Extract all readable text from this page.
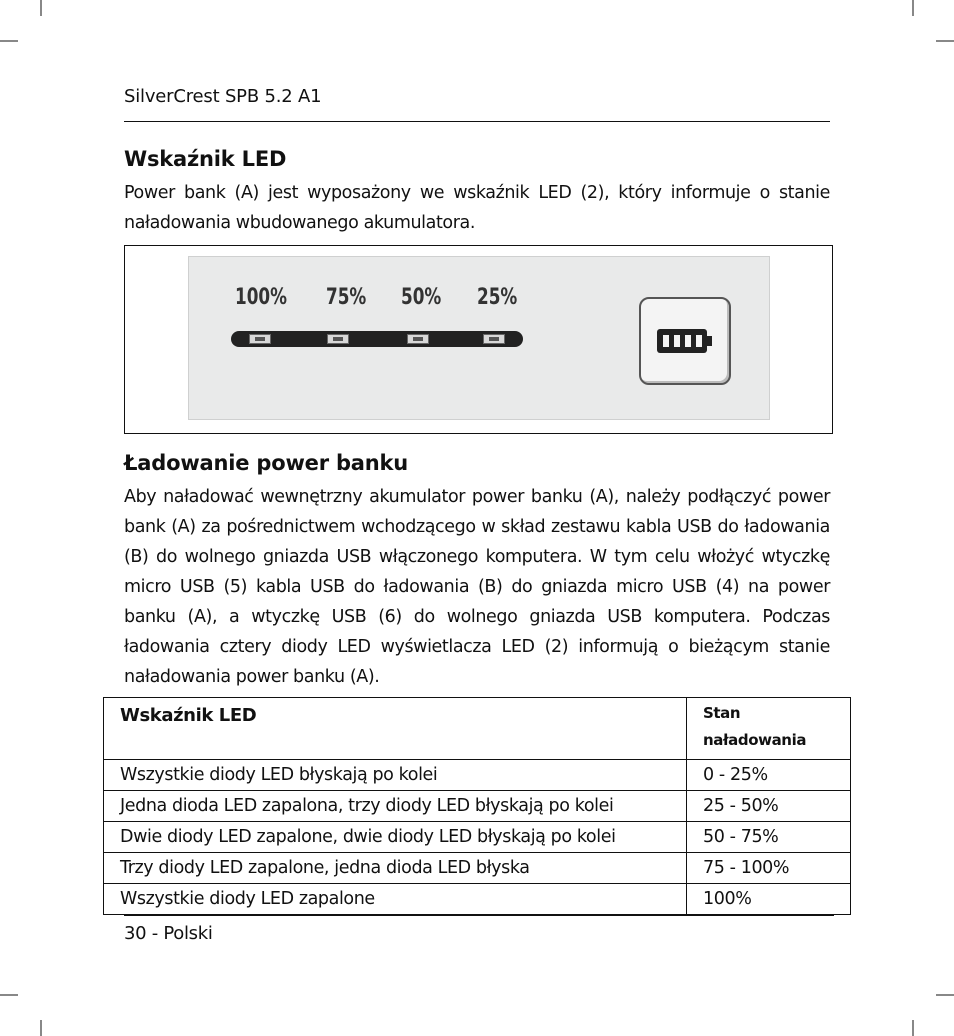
SilverCrest SPB 5.2 A1
Wskaźnik LED
Power bank (A) jest wyposażony we wskaźnik LED (2), który informuje o stanie naładowania wbudowanego akumulatora.
100% 75% 50% 25%
Ładowanie power banku
Aby naładować wewnętrzny akumulator power banku (A), należy podłączyć power bank (A) za pośrednictwem wchodzącego w skład zestawu kabla USB do ładowania (B) do wolnego gniazda USB włączonego komputera. W tym celu włożyć wtyczkę micro USB (5) kabla USB do ładowania (B) do gniazda micro USB (4) na power banku (A), a wtyczkę USB (6) do wolnego gniazda USB komputera. Podczas ładowania cztery diody LED wyświetlacza LED (2) informują o bieżącym stanie naładowania power banku (A).
Wskaźnik LED	Stan naładowania
Wszystkie diody LED błyskają po kolei	0 - 25%
Jedna dioda LED zapalona, trzy diody LED błyskają po kolei	25 - 50%
Dwie diody LED zapalone, dwie diody LED błyskają po kolei	50 - 75%
Trzy diody LED zapalone, jedna dioda LED błyska	75 - 100%
Wszystkie diody LED zapalone	100%
30 - Polski
